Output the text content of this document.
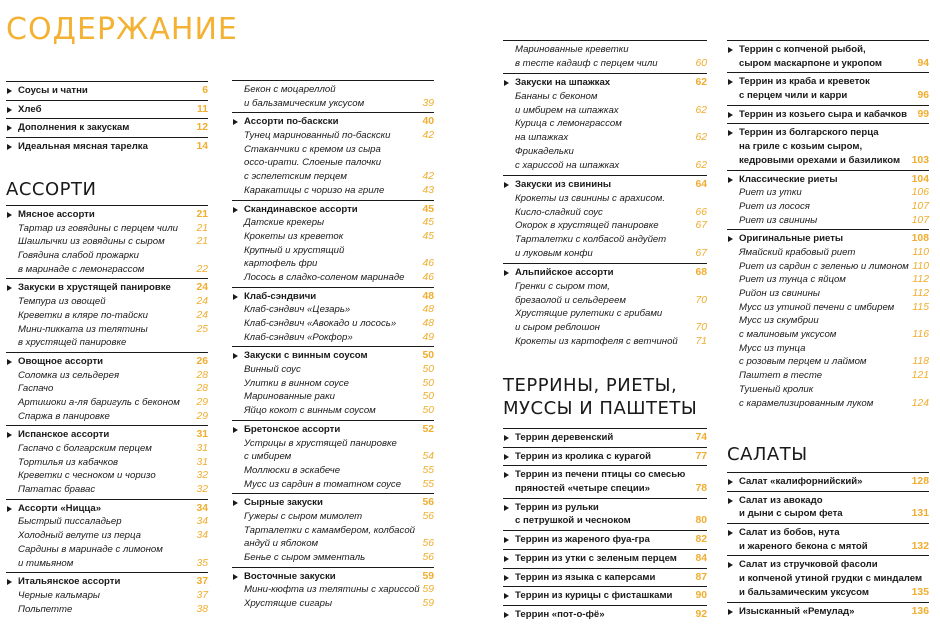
СОДЕРЖАНИЕ
Соусы и чатни	6
Хлеб	11
Дополнения к закускам	12
Идеальная мясная тарелка	14
АССОРТИ
Мясное ассорти	21
Тартар из говядины с перцем чили 21
Шашлычки из говядины с сыром	21
Говядина слабой прожарки
в маринаде с лемонграссом	22
Закуски в хрустящей панировке 24
Темпура из овощей	24
Креветки в кляре по-тайски	24
Мини-пикката из телятины	25
в хрустящей панировке
Овощное ассорти	26
Соломка из сельдерея	28
Гаспачо	28
Артишоки а-ля баригуль с беконом 29
Спаржа в панировке	29
Испанское ассорти	31
Гаспачо с болгарским перцем	31
Тортилья из кабачков	31
Креветки с чесноком и чоризо	32
Пататас бравас	32
Ассорти «Ницца»	34
Быстрый писсаладьер	34
Холодный велуте из перца	34
Сардины в маринаде с лимоном
и тимьяном	35
Итальянское ассорти	37
Черные кальмары	37
Польпетте	38
Бекон с моцареллой
и бальзамическим уксусом	39
Ассорти по-баскски	40
Тунец маринованный по-баскски	42
Стаканчики с кремом из сыра
оссо-ирати. Слоеные палочки
с эспелетским перцем	42
Каракатицы с чоризо на гриле	43
Скандинавское ассорти	45
Датские крекеры	45
Крокеты из креветок	45
Крупный и хрустящий
картофель фри	46
Лосось в сладко-соленом маринаде 46
Клаб-сэндвичи	48
Клаб-сэндвич «Цезарь»	48
Клаб-сэндвич «Авокадо и лосось»	48
Клаб-сэндвич «Рокфор»	49
Закуски с винным соусом	50
Винный соус	50
Улитки в винном соусе	50
Маринованные раки	50
Яйцо кокот с винным соусом	50
Бретонское ассорти	52
Устрицы в хрустящей панировке
с имбирем	54
Моллюски в эскабече	55
Мусс из сардин в томатном соусе 55
Сырные закуски	56
Гужеры с сыром мимолет	56
Тарталетки с камамбером, колбасой
андуй и яблоком	56
Бенье с сыром эмменталь	56
Восточные закуски	59
Мини-кюфта из телятины с хариссой 59
Хрустящие сигары	59
Маринованные креветки
в тесте кадаиф с перцем чили	60
Закуски на шпажках	62
Бананы с беконом
и имбирем на шпажках	62
Курица с лемонграссом
на шпажках	62
Фрикадельки
с хариссой на шпажках	62
Закуски из свинины	64
Крокеты из свинины с арахисом.
Кисло-сладкий соус	66
Окорок в хрустящей панировке	67
Тарталетки с колбасой андуйет
и луковым конфи	67
Альпийское ассорти	68
Гренки с сыром том,
брезаолой и сельдереем	70
Хрустящие рулетики с грибами
и сыром реблошон	70
Крокеты из картофеля с ветчиной 71
ТЕРРИНЫ, РИЕТЫ,
МУССЫ И ПАШТЕТЫ
Террин деревенский	74
Террин из кролика с курагой	77
Террин из печени птицы со смесью
пряностей «четыре специи»	78
Террин из рульки
с петрушкой и чесноком	80
Террин из жареного фуа-гра	82
Террин из утки с зеленым перцем 84
Террин из языка с каперсами	87
Террин из курицы с фисташками 90
Террин «пот-о-фё»	92
Террин с копченой рыбой,
сыром маскарпоне и укропом	94
Террин из краба и креветок
с перцем чили и карри	96
Террин из козьего сыра и кабачков 99
Террин из болгарского перца
на гриле с козьим сыром,
кедровыми орехами и базиликом 103
Классические риеты	104
Риет из утки	106
Риет из лосося	107
Риет из свинины	107
Оригинальные риеты	108
Ямайский крабовый риет	110
Риет из сардин с зеленью и лимоном 110
Риет из тунца с яйцом	112
Рийон из свинины	112
Мусс из утиной печени с имбирем 115
Мусс из скумбрии
с малиновым уксусом	116
Мусс из тунца
с розовым перцем и лаймом	118
Паштет в тесте	121
Тушеный кролик
с карамелизированным луком	124
САЛАТЫ
Салат «калифорнийский»	128
Салат из авокадо
и дыни с сыром фета	131
Салат из бобов, нута
и жареного бекона с мятой	132
Салат из стручковой фасоли
и копченой утиной грудки с миндалем
и бальзамическим уксусом	135
Изысканный «Ремулад»	136
